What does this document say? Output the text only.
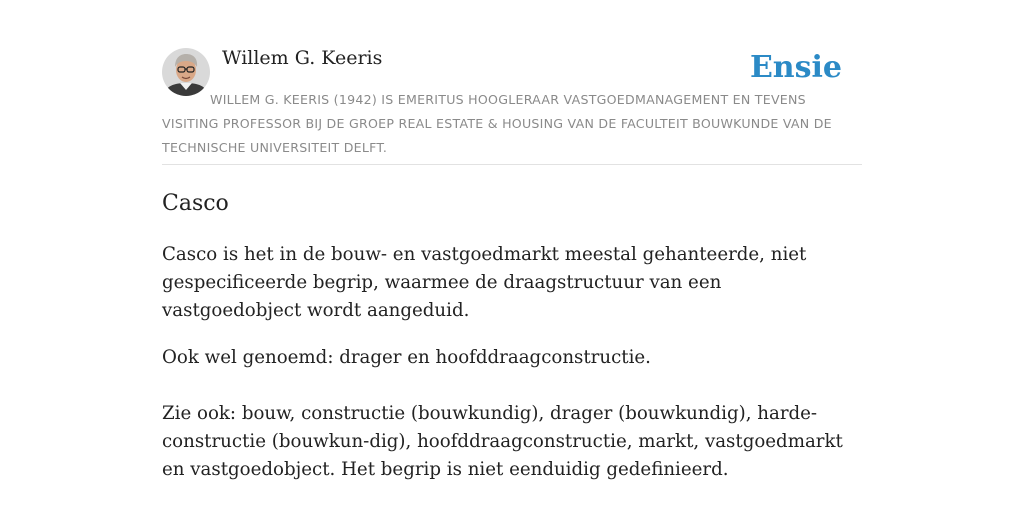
Willem G. Keeris	Ensie
WILLEM G. KEERIS (1942) IS EMERITUS HOOGLERAAR VASTGOEDMANAGEMENT EN TEVENS VISITING PROFESSOR BIJ DE GROEP REAL ESTATE & HOUSING VAN DE FACULTEIT BOUWKUNDE VAN DE TECHNISCHE UNIVERSITEIT DELFT.
Casco

Casco is het in de bouw- en vastgoedmarkt meestal gehanteerde, niet gespecificeerde begrip, waarmee de draagstructuur van een vastgoedobject wordt aangeduid.

Ook wel genoemd: drager en hoofddraagconstructie.

Zie ook: bouw, constructie (bouwkundig), drager (bouwkundig), harde-constructie (bouwkun-dig), hoofddraagconstructie, markt, vastgoedmarkt en vastgoedobject. Het begrip is niet eenduidig gedefinieerd.
